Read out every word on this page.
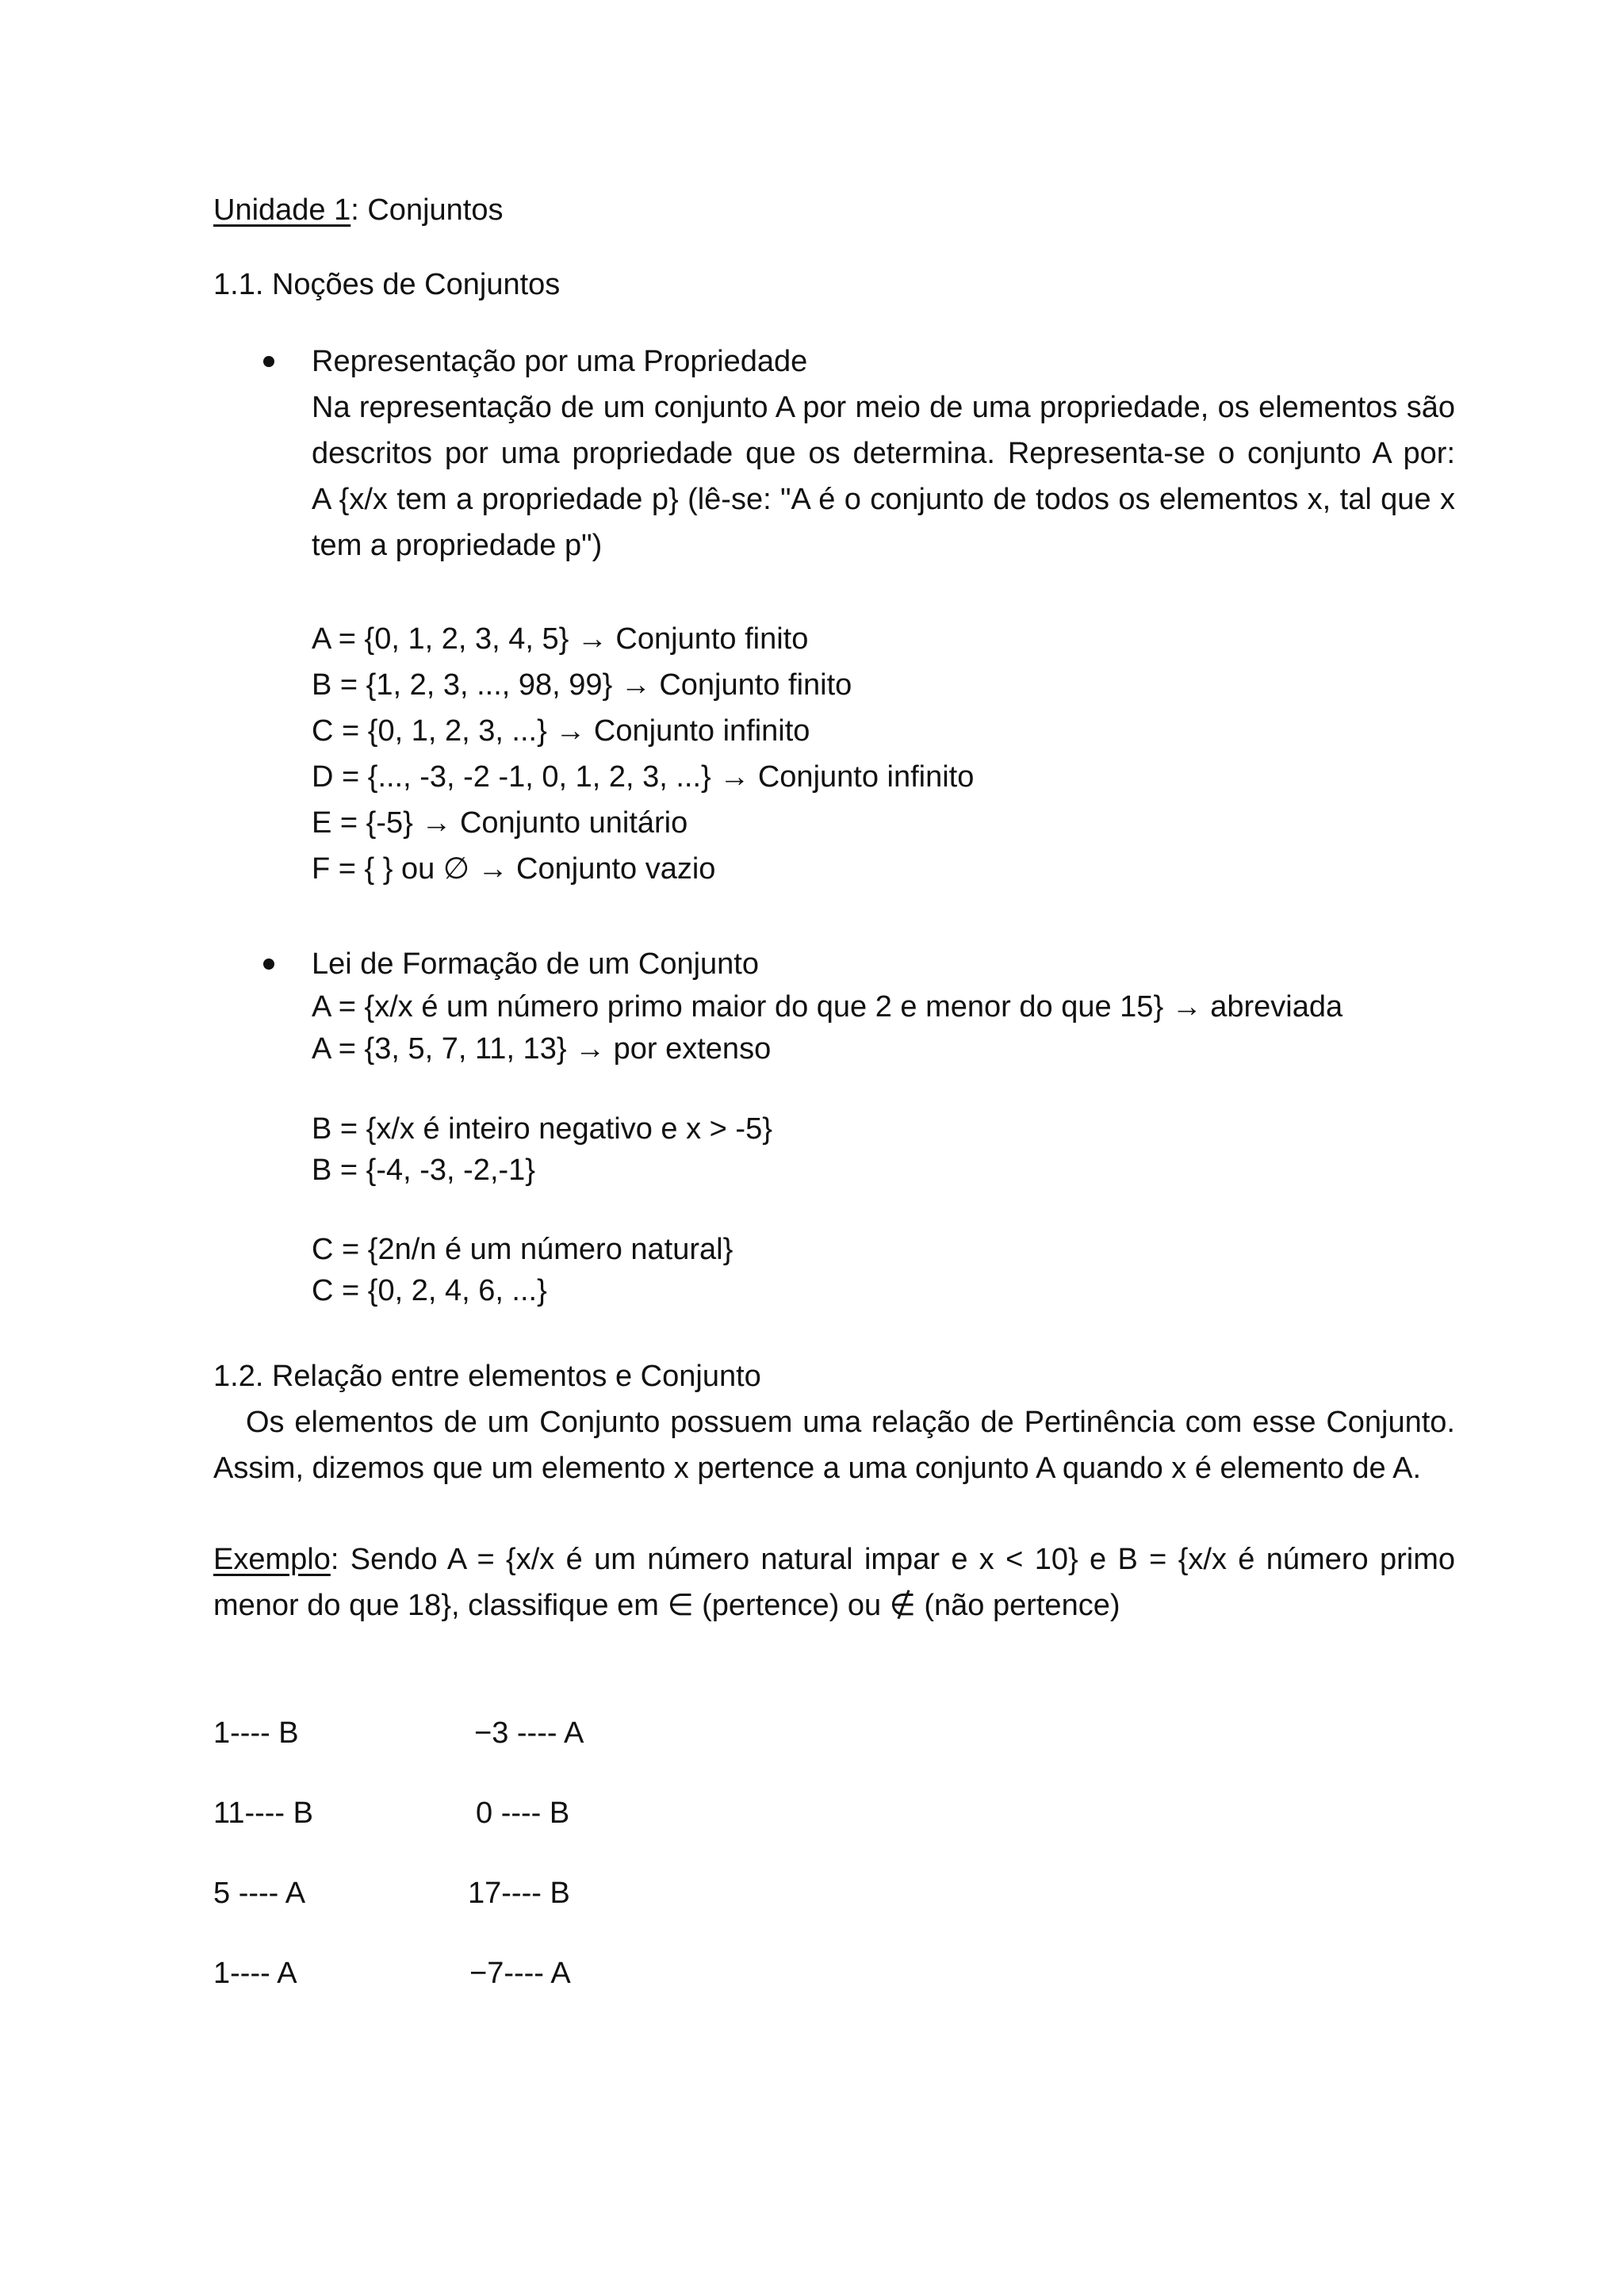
Unidade 1: Conjuntos
1.1. Noções de Conjuntos
Representação por uma Propriedade
Na representação de um conjunto A por meio de uma propriedade, os elementos são
descritos por uma propriedade que os determina. Representa-se o conjunto A por:
A {x/x tem a propriedade p} (lê-se: "A é o conjunto de todos os elementos x, tal que x
tem a propriedade p")
A = {0, 1, 2, 3, 4, 5} → Conjunto finito
B = {1, 2, 3, ..., 98, 99} → Conjunto finito
C = {0, 1, 2, 3, ...} → Conjunto infinito
D = {..., -3, -2 -1, 0, 1, 2, 3, ...} → Conjunto infinito
E = {-5} → Conjunto unitário
F = { } ou ∅ → Conjunto vazio
Lei de Formação de um Conjunto
A = {x/x é um número primo maior do que 2 e menor do que 15} → abreviada
A = {3, 5, 7, 11, 13} → por extenso
B = {x/x é inteiro negativo e x > -5}
B = {-4, -3, -2,-1}
C = {2n/n é um número natural}
C = {0, 2, 4, 6, ...}
1.2. Relação entre elementos e Conjunto
Os elementos de um Conjunto possuem uma relação de Pertinência com esse Conjunto.
Assim, dizemos que um elemento x pertence a uma conjunto A quando x é elemento de A.
Exemplo: Sendo A = {x/x é um número natural impar e x < 10} e B = {x/x é número primo
menor do que 18}, classifique em ∈ (pertence) ou ∉ (não pertence)
1---- B	−3 ---- A
11---- B	0 ---- B
5 ---- A	17---- B
1---- A	−7---- A
